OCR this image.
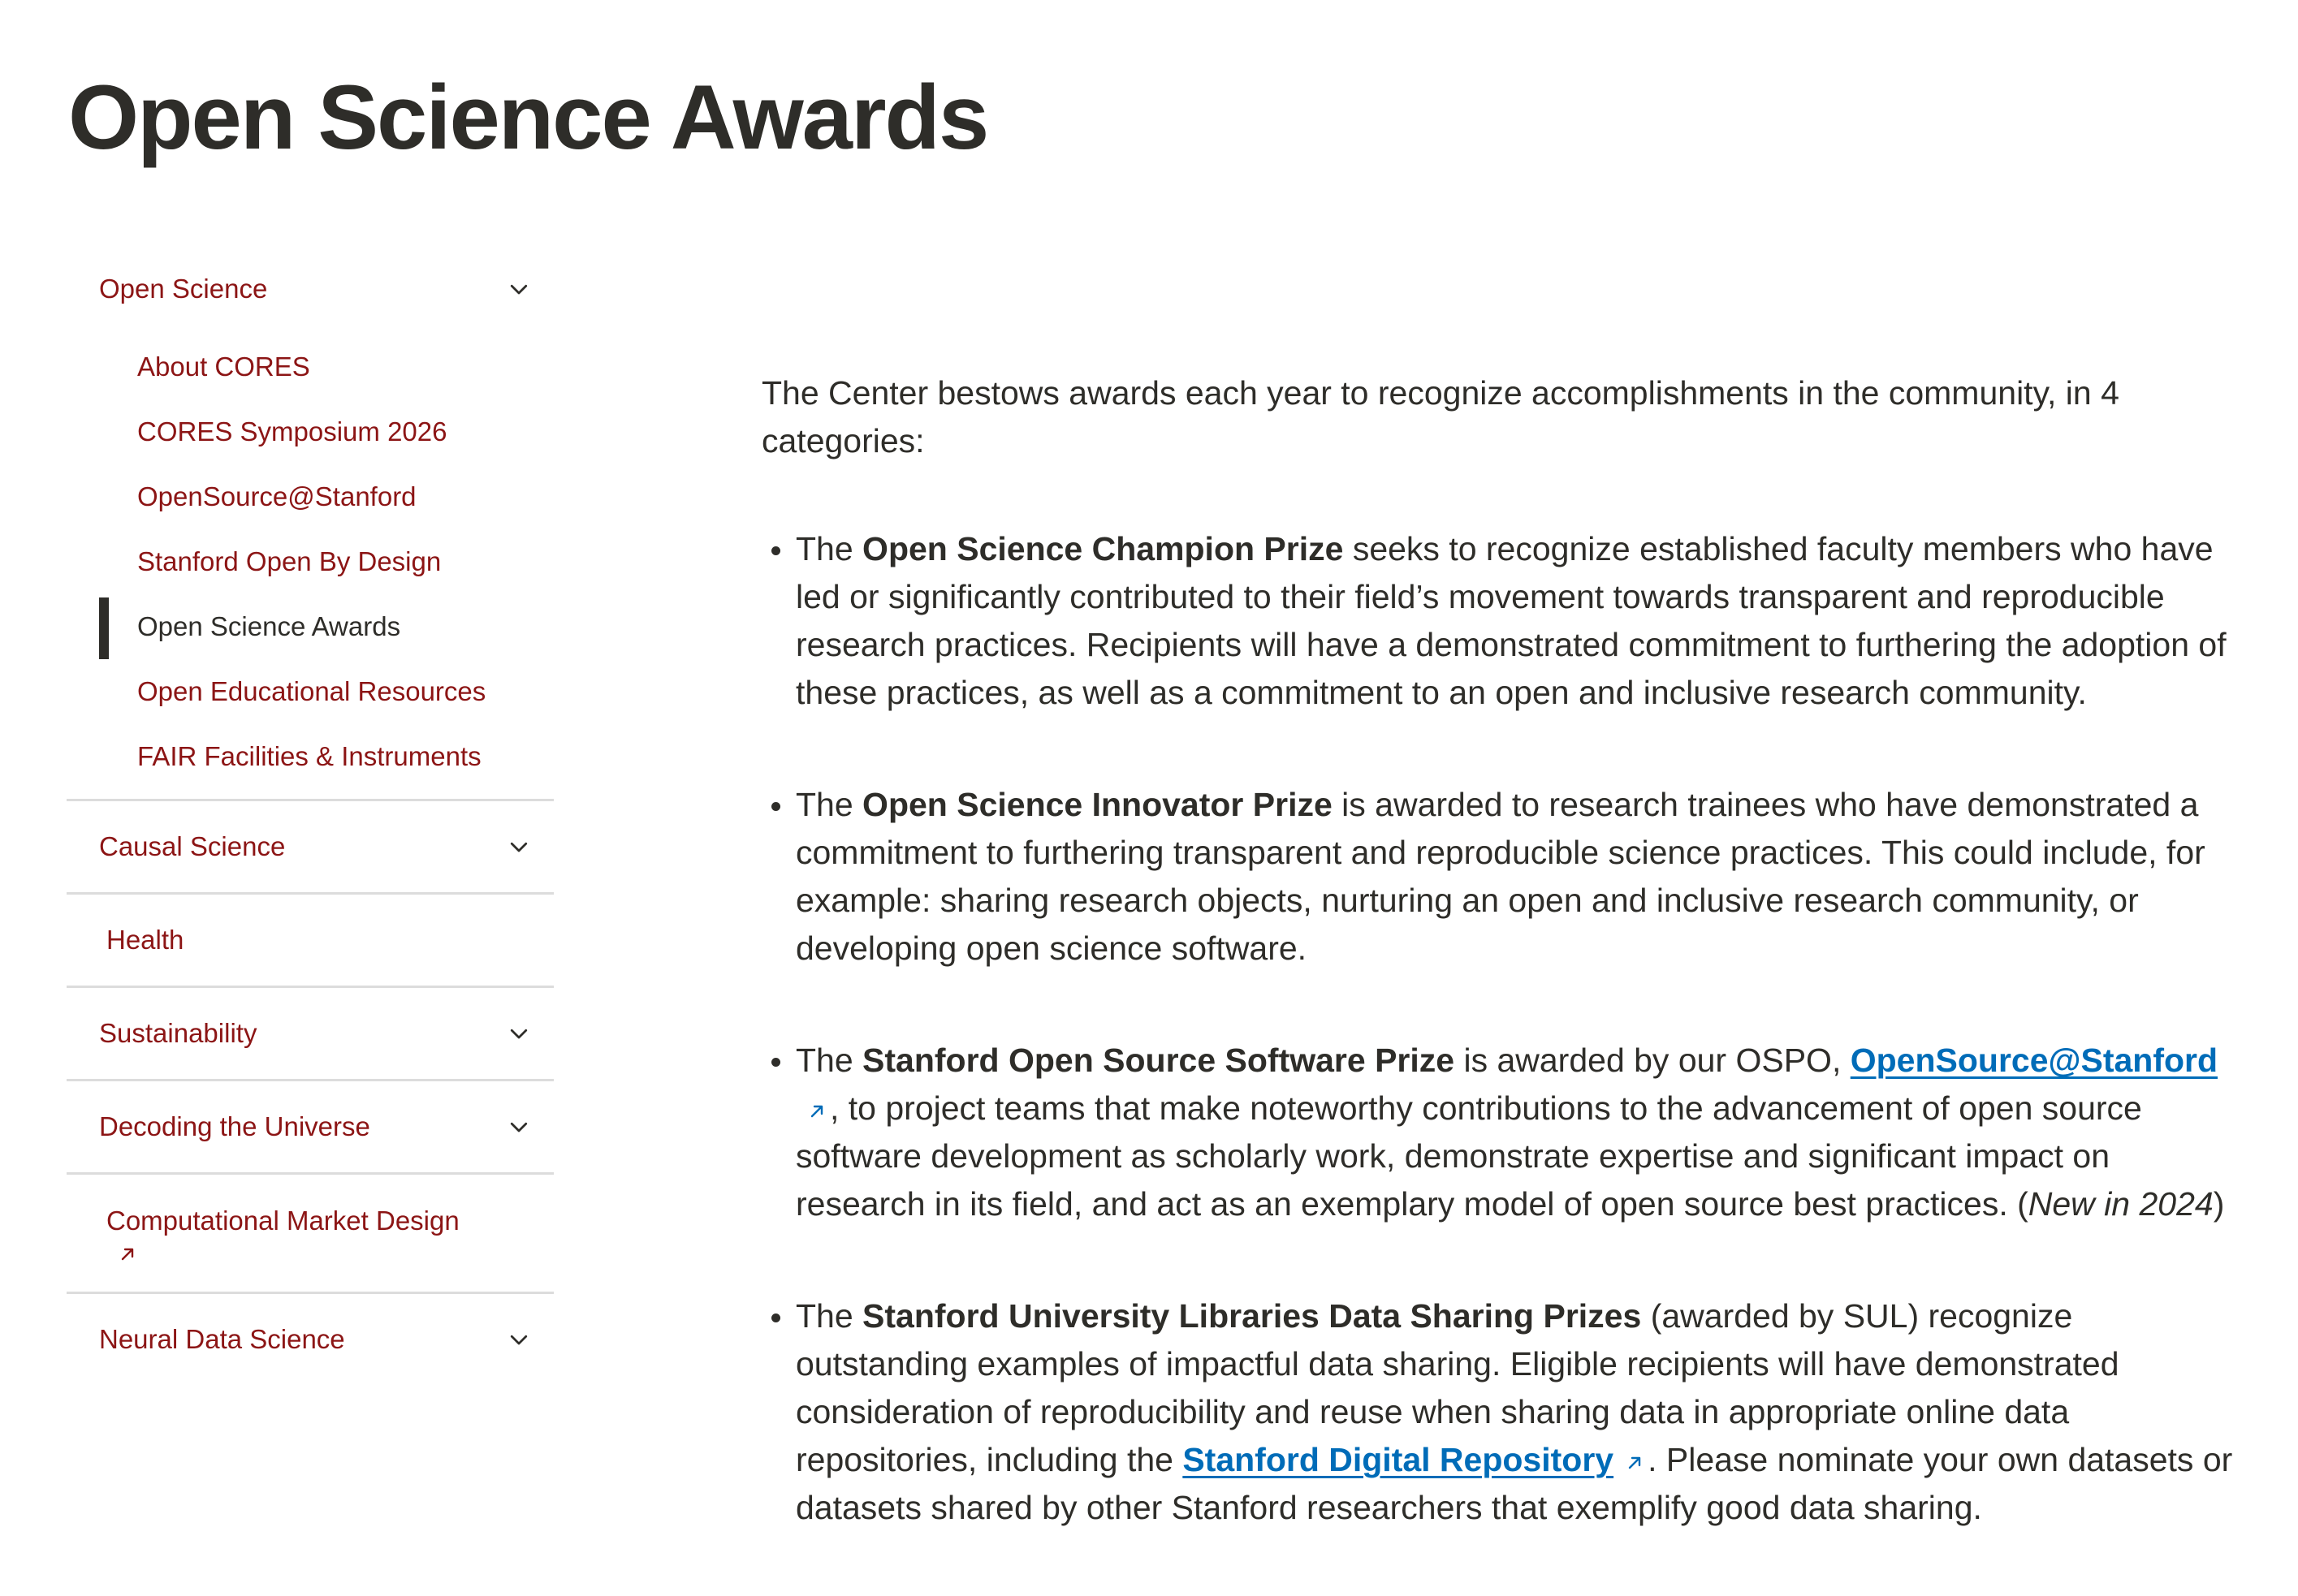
Open Science Awards
Open Science
About CORES
CORES Symposium 2026
OpenSource@Stanford
Stanford Open By Design
Open Science Awards
Open Educational Resources
FAIR Facilities & Instruments
Causal Science
Health
Sustainability
Decoding the Universe
Computational Market Design
Neural Data Science

The Center bestows awards each year to recognize accomplishments in the community, in 4 categories:

The Open Science Champion Prize seeks to recognize established faculty members who have led or significantly contributed to their field’s movement towards transparent and reproducible research practices. Recipients will have a demonstrated commitment to furthering the adoption of these practices, as well as a commitment to an open and inclusive research community.
The Open Science Innovator Prize is awarded to research trainees who have demonstrated a commitment to furthering transparent and reproducible science practices. This could include, for example: sharing research objects, nurturing an open and inclusive research community, or developing open science software.
The Stanford Open Source Software Prize is awarded by our OSPO, OpenSource@Stanford
, to project teams that make noteworthy contributions to the advancement of open source software development as scholarly work, demonstrate expertise and significant impact on research in its field, and act as an exemplary model of open source best practices. (New in 2024)
The Stanford University Libraries Data Sharing Prizes (awarded by SUL) recognize outstanding examples of impactful data sharing. Eligible recipients will have demonstrated consideration of reproducibility and reuse when sharing data in appropriate online data repositories, including the Stanford Digital Repository . Please nominate your own datasets or datasets shared by other Stanford researchers that exemplify good data sharing.
